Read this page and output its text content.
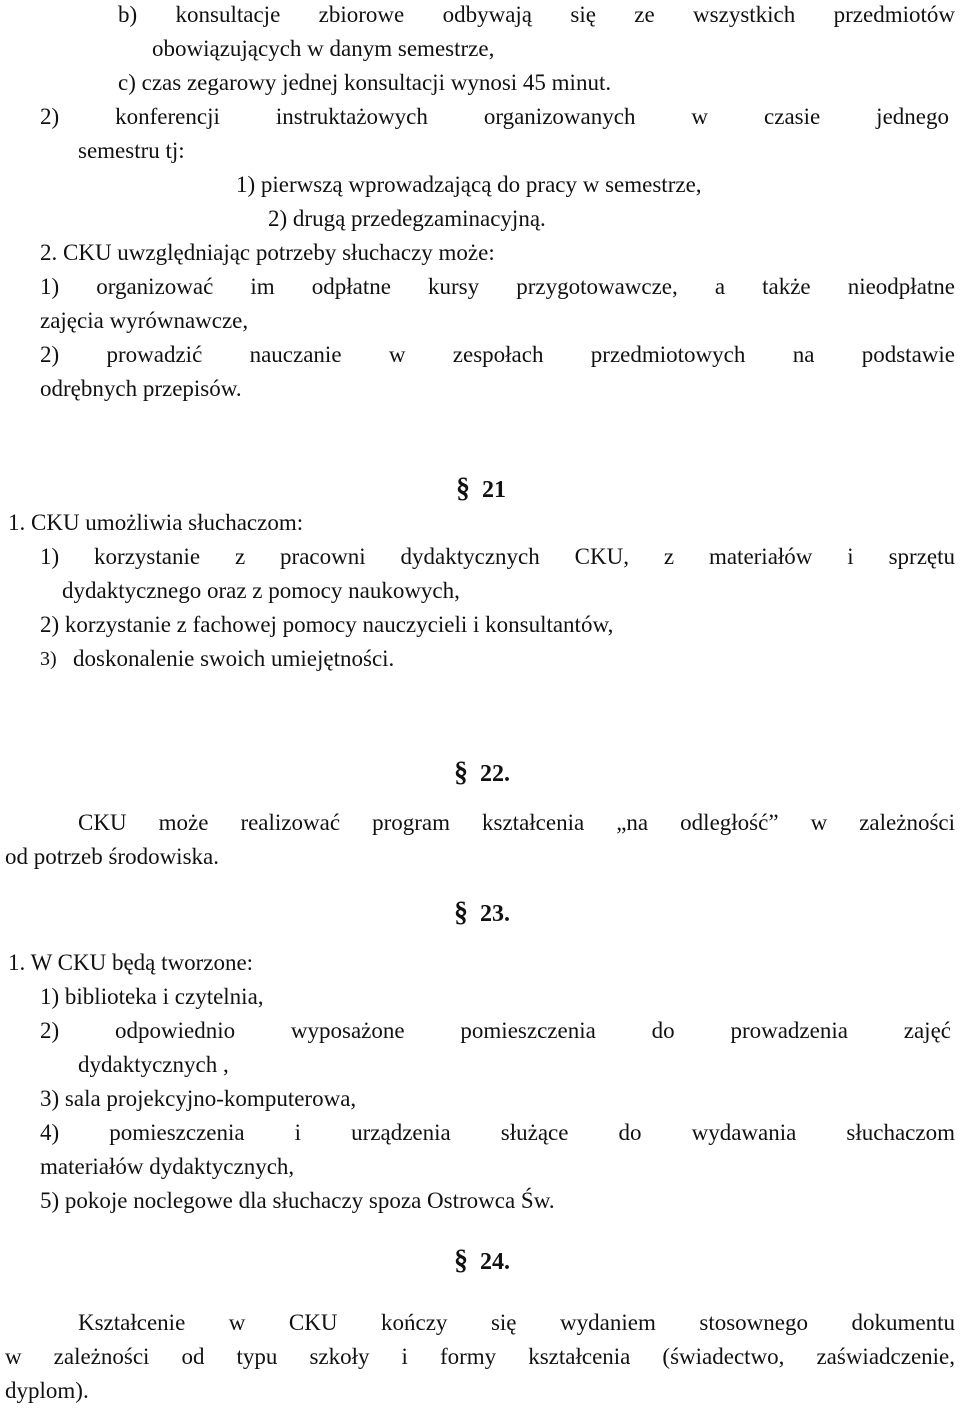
b) konsultacje zbiorowe odbywają się ze wszystkich przedmiotów
obowiązujących w danym semestrze,
c) czas zegarowy jednej konsultacji wynosi 45 minut.
2) konferencji instruktażowych organizowanych w czasie jednego
semestru tj:
1) pierwszą wprowadzającą do pracy w semestrze,
2) drugą przedegzaminacyjną.
2. CKU uwzględniając potrzeby słuchaczy może:
1) organizować im odpłatne kursy przygotowawcze, a także nieodpłatne
zajęcia wyrównawcze,
2) prowadzić nauczanie w zespołach przedmiotowych na podstawie
odrębnych przepisów.
§ 21
1. CKU umożliwia słuchaczom:
1) korzystanie z pracowni dydaktycznych CKU, z materiałów i sprzętu
dydaktycznego oraz z pomocy naukowych,
2) korzystanie z fachowej pomocy nauczycieli i konsultantów,
3) doskonalenie swoich umiejętności.
§ 22.
CKU może realizować program kształcenia „na odległość” w zależności
od potrzeb środowiska.
§ 23.
1. W CKU będą tworzone:
1) biblioteka i czytelnia,
2) odpowiednio wyposażone pomieszczenia do prowadzenia zajęć
dydaktycznych ,
3) sala projekcyjno-komputerowa,
4) pomieszczenia i urządzenia służące do wydawania słuchaczom
materiałów dydaktycznych,
5) pokoje noclegowe dla słuchaczy spoza Ostrowca Św.
§ 24.
Kształcenie w CKU kończy się wydaniem stosownego dokumentu
w zależności od typu szkoły i formy kształcenia (świadectwo, zaświadczenie,
dyplom).
